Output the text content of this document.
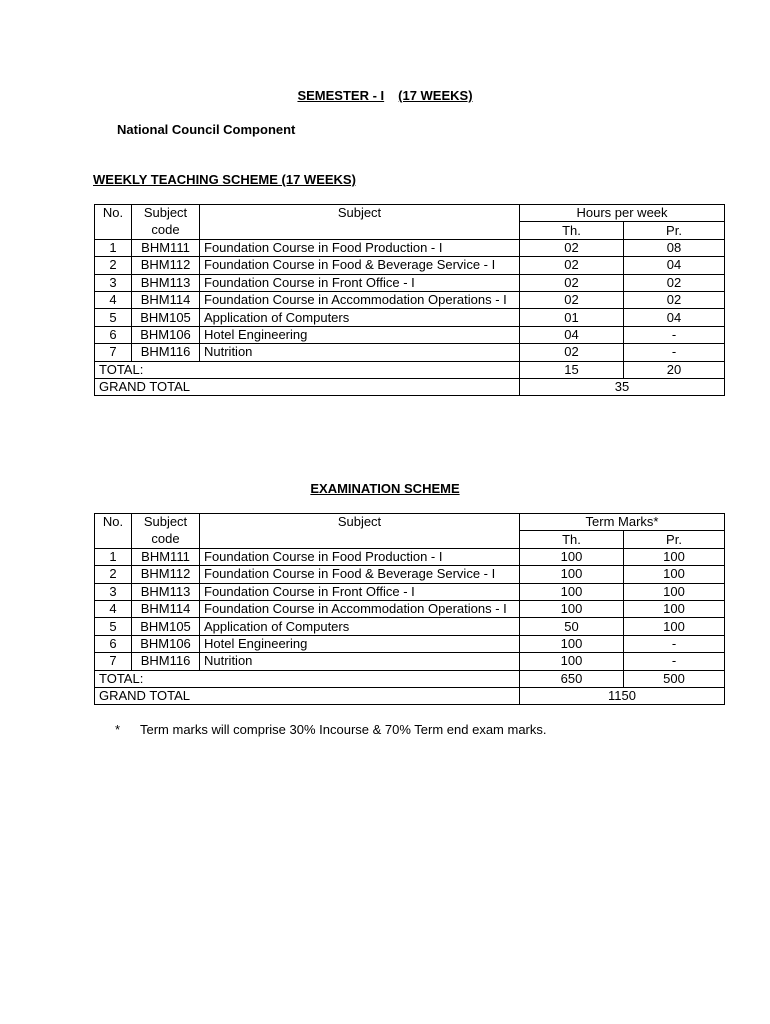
SEMESTER - I (17 WEEKS)
National Council Component
WEEKLY TEACHING SCHEME (17 WEEKS)
No.	Subject	Subject	Hours per week	
	code		Th.	Pr.
1	BHM111	Foundation Course in Food Production - I	02	08
2	BHM112	Foundation Course in Food & Beverage Service - I	02	04
3	BHM113	Foundation Course in Front Office - I	02	02
4	BHM114	Foundation Course in Accommodation Operations - I	02	02
5	BHM105	Application of Computers	01	04
6	BHM106	Hotel Engineering	04	-
7	BHM116	Nutrition	02	-
TOTAL:			15	20
GRAND TOTAL			35	
EXAMINATION SCHEME
No.	Subject	Subject	Term Marks*	
	code		Th.	Pr.
1	BHM111	Foundation Course in Food Production - I	100	100
2	BHM112	Foundation Course in Food & Beverage Service - I	100	100
3	BHM113	Foundation Course in Front Office - I	100	100
4	BHM114	Foundation Course in Accommodation Operations - I	100	100
5	BHM105	Application of Computers	50	100
6	BHM106	Hotel Engineering	100	-
7	BHM116	Nutrition	100	-
TOTAL:			650	500
GRAND TOTAL			1150	
* Term marks will comprise 30% Incourse & 70% Term end exam marks.
